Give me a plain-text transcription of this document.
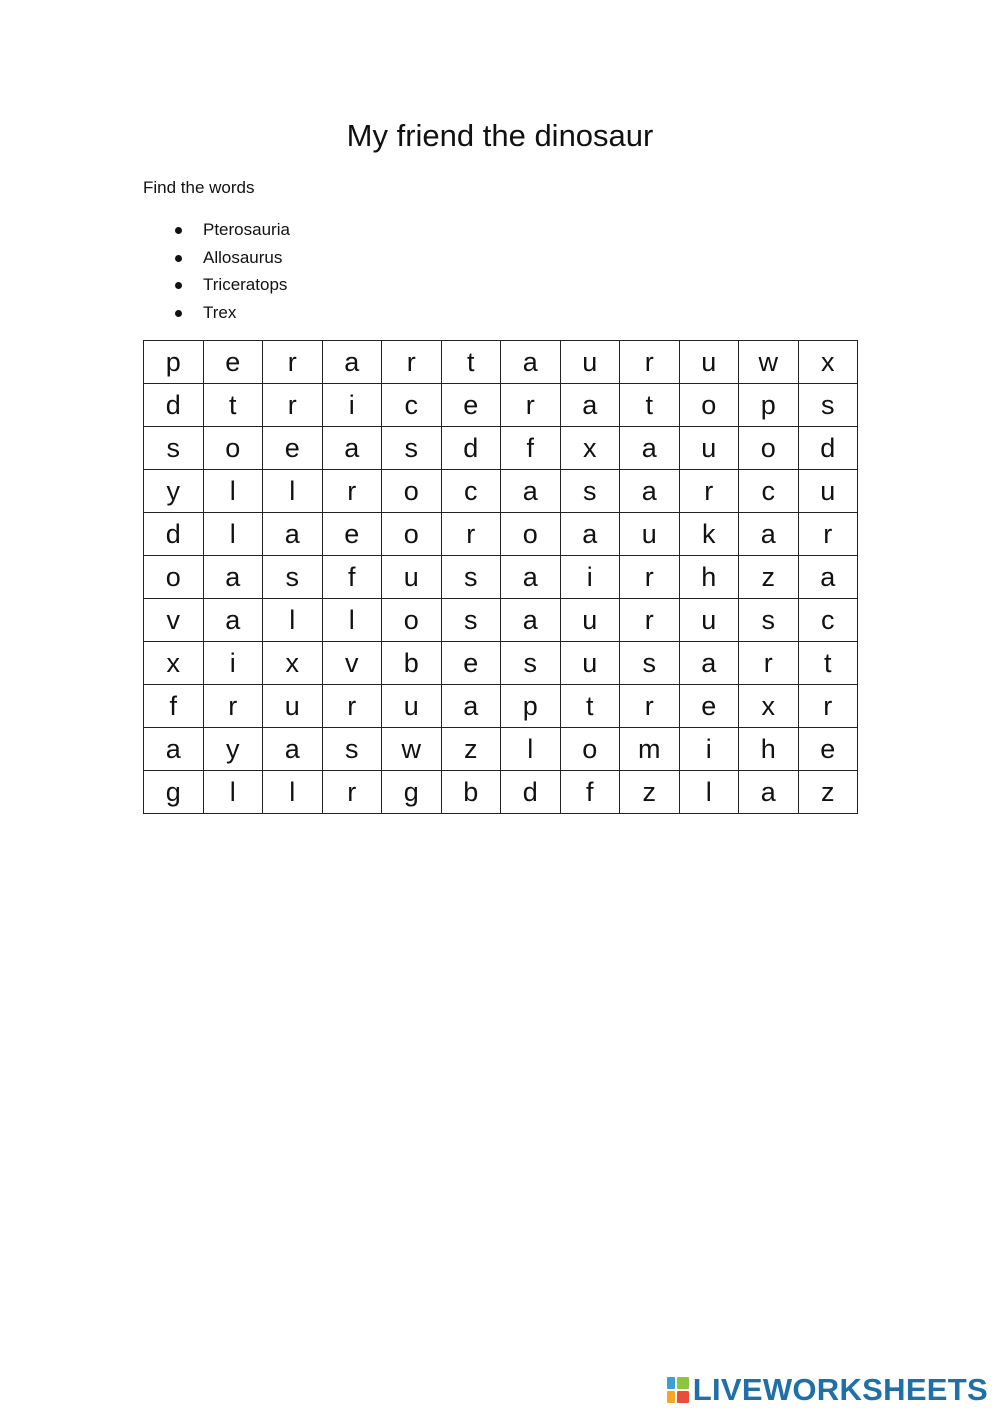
My friend the dinosaur

Find the words

Pterosauria
Allosaurus
Triceratops
Trex
p	e	r	a	r	t	a	u	r	u	w	x
d	t	r	i	c	e	r	a	t	o	p	s
s	o	e	a	s	d	f	x	a	u	o	d
y	l	l	r	o	c	a	s	a	r	c	u
d	l	a	e	o	r	o	a	u	k	a	r
o	a	s	f	u	s	a	i	r	h	z	a
v	a	l	l	o	s	a	u	r	u	s	c
x	i	x	v	b	e	s	u	s	a	r	t
f	r	u	r	u	a	p	t	r	e	x	r
a	y	a	s	w	z	l	o	m	i	h	e
g	l	l	r	g	b	d	f	z	l	a	z
LIVEWORKSHEETS
